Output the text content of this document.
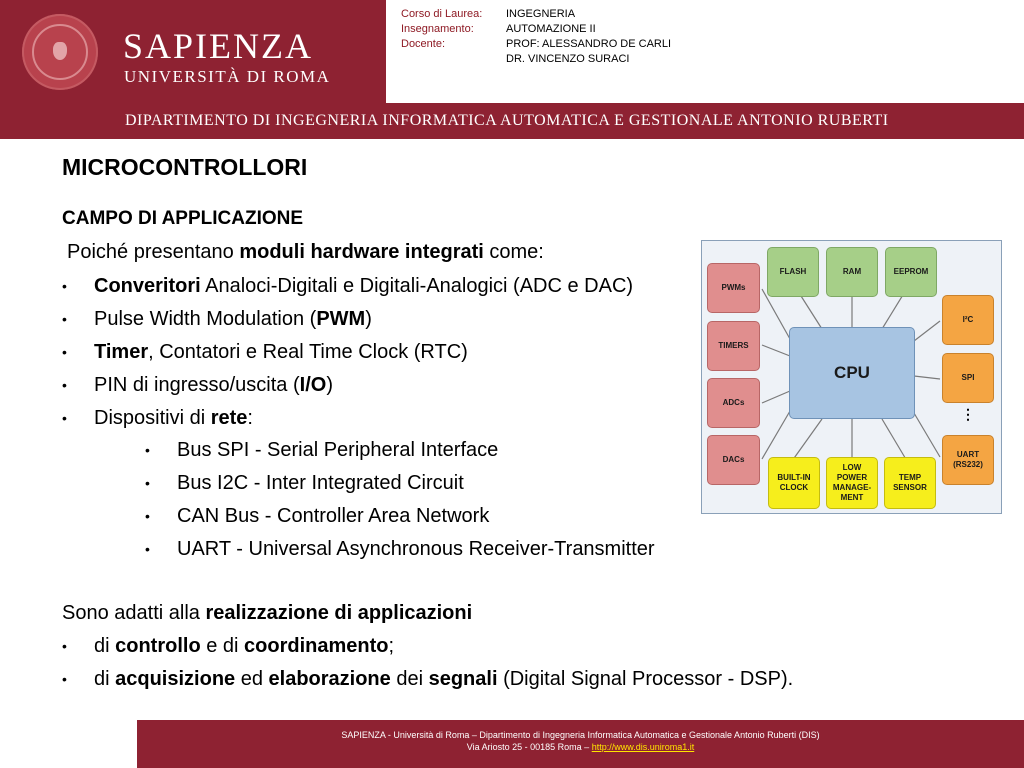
SAPIENZA
UNIVERSITÀ DI ROMA
Corso di Laurea:	INGEGNERIA
Insegnamento:	AUTOMAZIONE II
Docente:	PROF: ALESSANDRO DE CARLI
DR. VINCENZO SURACI
DIPARTIMENTO DI INGEGNERIA INFORMATICA AUTOMATICA E GESTIONALE ANTONIO RUBERTI
MICROCONTROLLORI
CAMPO DI APPLICAZIONE
Poiché presentano moduli hardware integrati come:
• Converitori Analoci-Digitali e Digitali-Analogici (ADC e DAC)
• Pulse Width Modulation (PWM)
• Timer, Contatori e Real Time Clock (RTC)
• PIN di ingresso/uscita (I/O)
• Dispositivi di rete:
• Bus SPI - Serial Peripheral Interface
• Bus I2C - Inter Integrated Circuit
• CAN Bus - Controller Area Network
• UART - Universal Asynchronous Receiver-Transmitter
Sono adatti alla realizzazione di applicazioni
• di controllo e di coordinamento;
• di acquisizione ed elaborazione dei segnali (Digital Signal Processor - DSP).
FLASH	RAM	EEPROM
PWMs
TIMERS
ADCs
DACs
CPU
I²C
SPI
⋮
UART (RS232)
BUILT-IN CLOCK
LOW POWER MANAGE-MENT
TEMP SENSOR
SAPIENZA - Università di Roma – Dipartimento di Ingegneria Informatica Automatica e Gestionale Antonio Ruberti (DIS)
Via Ariosto 25 - 00185 Roma – http://www.dis.uniroma1.it
